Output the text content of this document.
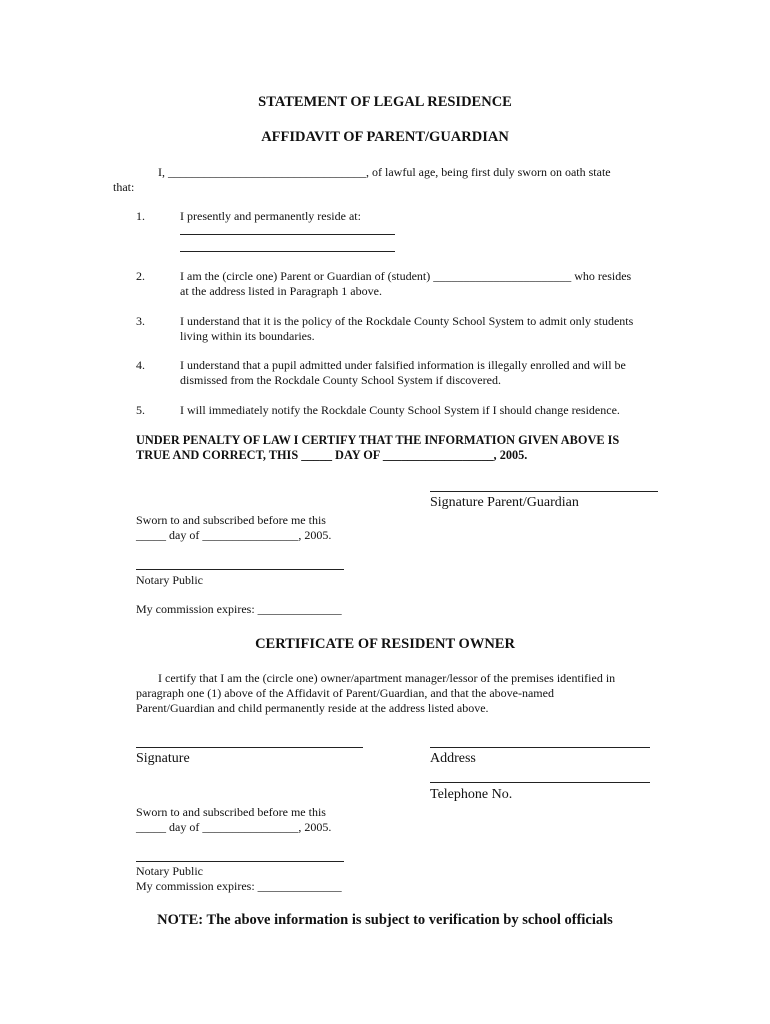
STATEMENT OF LEGAL RESIDENCE
AFFIDAVIT OF PARENT/GUARDIAN
I, _________________________________, of lawful age, being first duly sworn on oath state
that:
1.	I presently and permanently reside at:
2.	I am the (circle one) Parent or Guardian of (student) _______________________ who resides
at the address listed in Paragraph 1 above.
3.	I understand that it is the policy of the Rockdale County School System to admit only students
living within its boundaries.
4.	I understand that a pupil admitted under falsified information is illegally enrolled and will be
dismissed from the Rockdale County School System if discovered.
5.	I will immediately notify the Rockdale County School System if I should change residence.
UNDER PENALTY OF LAW I CERTIFY THAT THE INFORMATION GIVEN ABOVE IS
TRUE AND CORRECT, THIS _____ DAY OF __________________, 2005.
Signature Parent/Guardian
Sworn to and subscribed before me this
_____ day of ________________, 2005.
Notary Public
My commission expires: ______________
CERTIFICATE OF RESIDENT OWNER
I certify that I am the (circle one) owner/apartment manager/lessor of the premises identified in
paragraph one (1) above of the Affidavit of Parent/Guardian, and that the above-named
Parent/Guardian and child permanently reside at the address listed above.
Signature	Address
Telephone No.
Sworn to and subscribed before me this
_____ day of ________________, 2005.
Notary Public
My commission expires: ______________
NOTE: The above information is subject to verification by school officials
